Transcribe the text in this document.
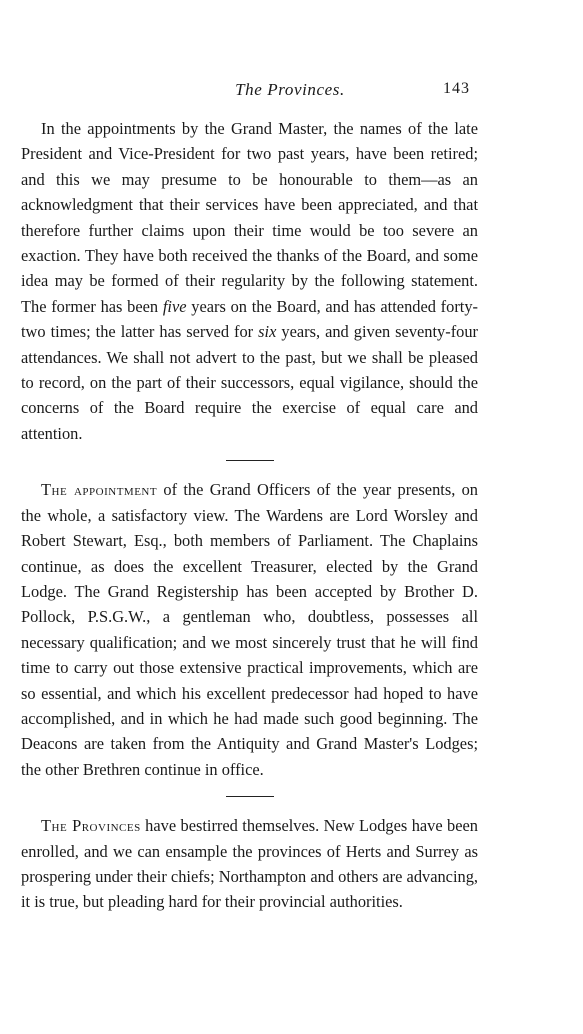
The Provinces.	143

In the appointments by the Grand Master, the names of the late President and Vice-President for two past years, have been retired; and this we may presume to be honourable to them—as an acknowledgment that their services have been appreciated, and that therefore further claims upon their time would be too severe an exaction. They have both received the thanks of the Board, and some idea may be formed of their regularity by the following statement. The former has been five years on the Board, and has attended forty-two times; the latter has served for six years, and given seventy-four attendances. We shall not advert to the past, but we shall be pleased to record, on the part of their successors, equal vigilance, should the concerns of the Board require the exercise of equal care and attention.

The appointment of the Grand Officers of the year presents, on the whole, a satisfactory view. The Wardens are Lord Worsley and Robert Stewart, Esq., both members of Parliament. The Chaplains continue, as does the excellent Treasurer, elected by the Grand Lodge. The Grand Registership has been accepted by Brother D. Pollock, P.S.G.W., a gentleman who, doubtless, possesses all necessary qualification; and we most sincerely trust that he will find time to carry out those extensive practical improvements, which are so essential, and which his excellent predecessor had hoped to have accomplished, and in which he had made such good beginning. The Deacons are taken from the Antiquity and Grand Master's Lodges; the other Brethren continue in office.

The Provinces have bestirred themselves. New Lodges have been enrolled, and we can ensample the provinces of Herts and Surrey as prospering under their chiefs; Northampton and others are advancing, it is true, but pleading hard for their provincial authorities.
